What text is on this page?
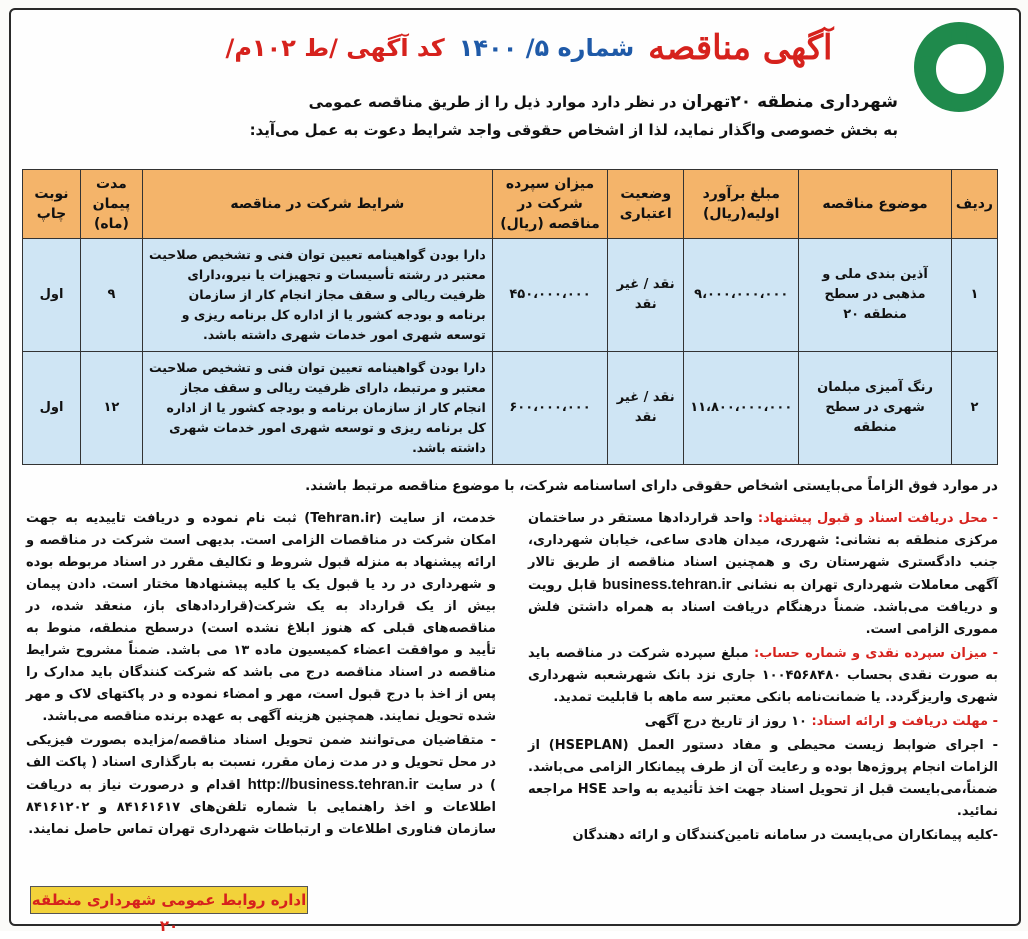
آگهی مناقصه
شماره ۵/ ۱۴۰۰
کد آگهی /ط ۱۰۲م/
شهرداری منطقه ۲۰تهران در نظر دارد موارد ذیل را از طریق مناقصه عمومی
به بخش خصوصی واگذار نماید، لذا از اشخاص حقوقی واجد شرایط دعوت به عمل می‌آید:
ردیف	موضوع مناقصه	مبلغ برآورد اولیه(ریال)	وضعیت اعتباری	میزان سپرده شرکت در مناقصه (ریال)	شرایط شرکت در مناقصه	مدت پیمان (ماه)	نوبت چاپ
۱	آذین بندی ملی و مذهبی در سطح منطقه ۲۰	۹،۰۰۰،۰۰۰،۰۰۰	نقد / غیر نقد	۴۵۰،۰۰۰،۰۰۰	دارا بودن گواهینامه تعیین توان فنی و تشخیص صلاحیت معتبر در رشته تأسیسات و تجهیزات یا نیرو،دارای ظرفیت ریالی و سقف مجاز انجام کار از سازمان برنامه و بودجه کشور یا از اداره کل برنامه ریزی و توسعه شهری امور خدمات شهری داشته باشد.	۹	اول
۲	رنگ آمیزی مبلمان شهری در سطح منطقه	۱۱،۸۰۰،۰۰۰،۰۰۰	نقد / غیر نقد	۶۰۰،۰۰۰،۰۰۰	دارا بودن گواهینامه تعیین توان فنی و تشخیص صلاحیت معتبر و مرتبط، دارای ظرفیت ریالی و سقف مجاز انجام کار از سازمان برنامه و بودجه کشور یا از اداره کل برنامه ریزی و توسعه شهری امور خدمات شهری داشته باشد.	۱۲	اول
در موارد فوق الزاماً می‌بایستی اشخاص حقوقی دارای اساسنامه شرکت، با موضوع مناقصه مرتبط باشند.

- محل دریافت اسناد و قبول پیشنهاد: واحد قراردادها مستقر در ساختمان مرکزی منطقه به نشانی: شهرری، میدان هادی ساعی، خیابان شهرداری، جنب دادگستری شهرستان ری و همچنین اسناد مناقصه از طریق تالار آگهی معاملات شهرداری تهران به نشانی business.tehran.ir قابل رویت و دریافت می‌باشد. ضمناً درهنگام دریافت اسناد به همراه داشتن فلش مموری الزامی است.

- میزان سپرده نقدی و شماره حساب: مبلغ سپرده شرکت در مناقصه باید به صورت نقدی بحساب ۱۰۰۴۵۶۸۴۸۰ جاری نزد بانک شهرشعبه شهرداری شهری واریزگردد. یا ضمانت‌نامه بانکی معتبر سه ماهه با قابلیت تمدید.

- مهلت دریافت و ارائه اسناد: ۱۰ روز از تاریخ درج آگهی

- اجرای ضوابط زیست محیطی و مفاد دستور العمل (HSEPLAN) از الزامات انجام پروژه‌ها بوده و رعایت آن از طرف پیمانکار الزامی می‌باشد. ضمناً،می‌بایست قبل از تحویل اسناد جهت اخذ تأئیدیه به واحد HSE مراجعه نمائید.

-کلیه پیمانکاران می‌بایست در سامانه تامین‌کنندگان و ارائه دهندگان

خدمت، از سایت (Tehran.ir) ثبت نام نموده و دریافت تاییدیه به جهت امکان شرکت در مناقصات الزامی است. بدیهی است شرکت در مناقصه و ارائه پیشنهاد به منزله قبول شروط و تکالیف مقرر در اسناد مربوطه بوده و شهرداری در رد یا قبول یک یا کلیه پیشنهادها مختار است. دادن پیمان بیش از یک قرارداد به یک شرکت(قراردادهای باز، منعقد شده، در مناقصه‌های قبلی که هنوز ابلاغ نشده است) درسطح منطقه، منوط به تأیید و موافقت اعضاء کمیسیون ماده ۱۳ می باشد. ضمناً مشروح شرایط مناقصه در اسناد مناقصه درج می باشد که شرکت کنندگان باید مدارک را پس از اخذ با درج قبول است، مهر و امضاء نموده و در پاکتهای لاک و مهر شده تحویل نمایند. همچنین هزینه آگهی به عهده برنده مناقصه می‌باشد.

- متقاضیان می‌توانند ضمن تحویل اسناد مناقصه/مزایده بصورت فیزیکی در محل تحویل و در مدت زمان مقرر، نسبت به بارگذاری اسناد ( پاکت الف ) در سایت http://business.tehran.ir اقدام و درصورت نیاز به دریافت اطلاعات و اخذ راهنمایی با شماره تلفن‌های ۸۴۱۶۱۶۱۷ و ۸۴۱۶۱۲۰۲ سازمان فناوری اطلاعات و ارتباطات شهرداری تهران تماس حاصل نمایند.

اداره روابط عمومی شهرداری منطقه ۲۰
